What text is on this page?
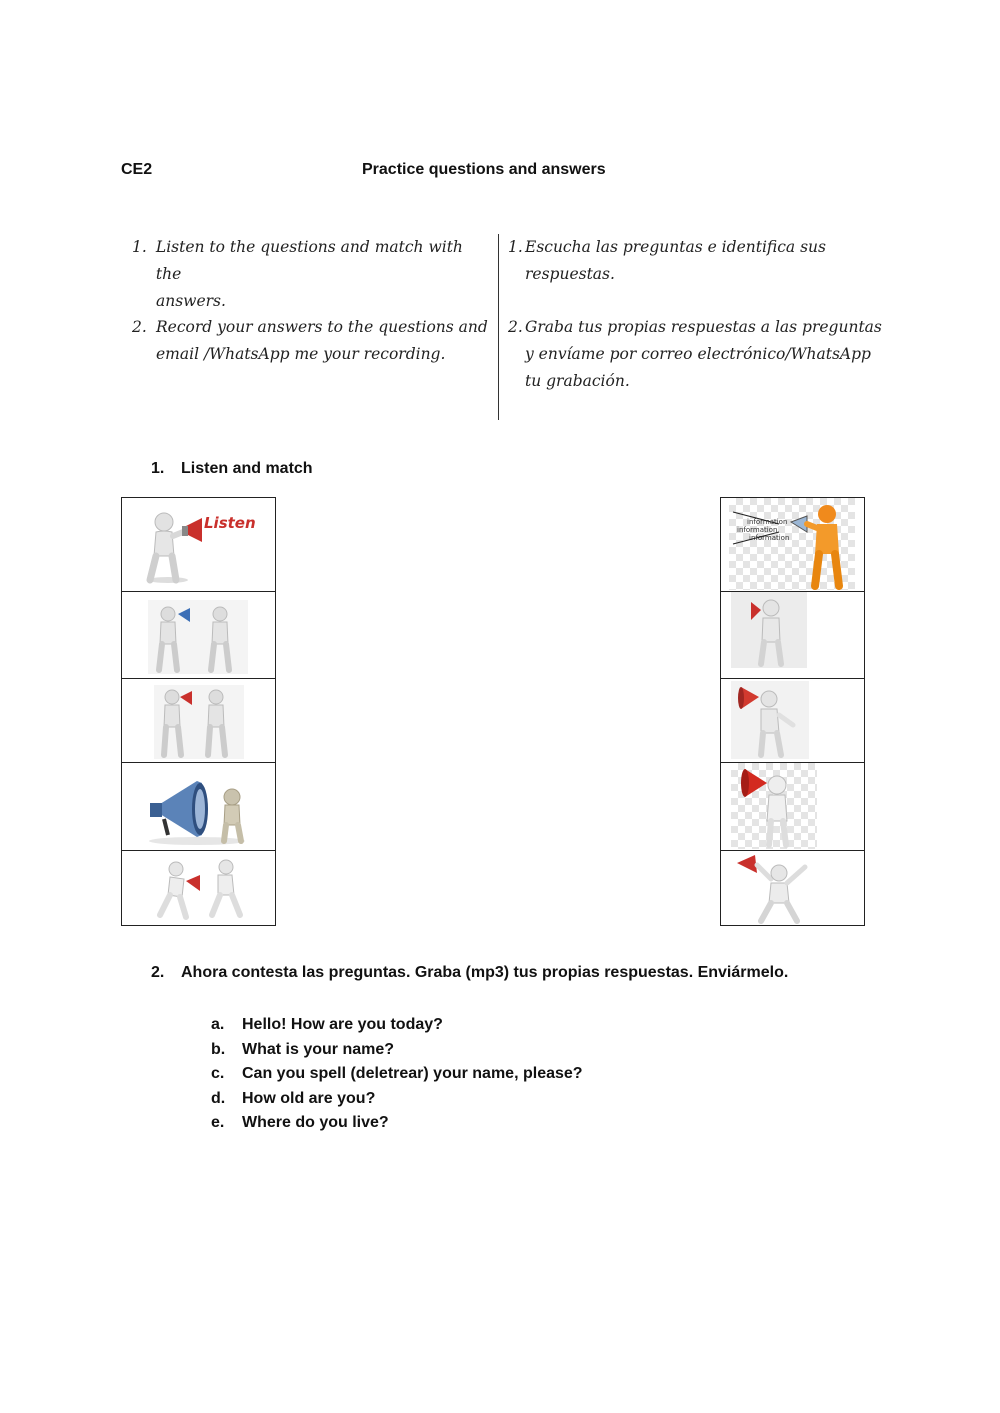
CE2	Practice questions and answers
1. Listen to the questions and match with the
answers.
2. Record your answers to the questions and
email /WhatsApp me your recording.
1. Escucha las preguntas e identifica sus
respuestas.
2. Graba tus propias respuestas a las preguntas
y envíame por correo electrónico/WhatsApp
tu grabación.
1.	Listen and match
Listen	information
information
information
2.	Ahora contesta las preguntas. Graba (mp3) tus propias respuestas. Enviármelo.
a.	Hello! How are you today?
b.	What is your name?
c.	Can you spell (deletrear) your name, please?
d.	How old are you?
e.	Where do you live?
